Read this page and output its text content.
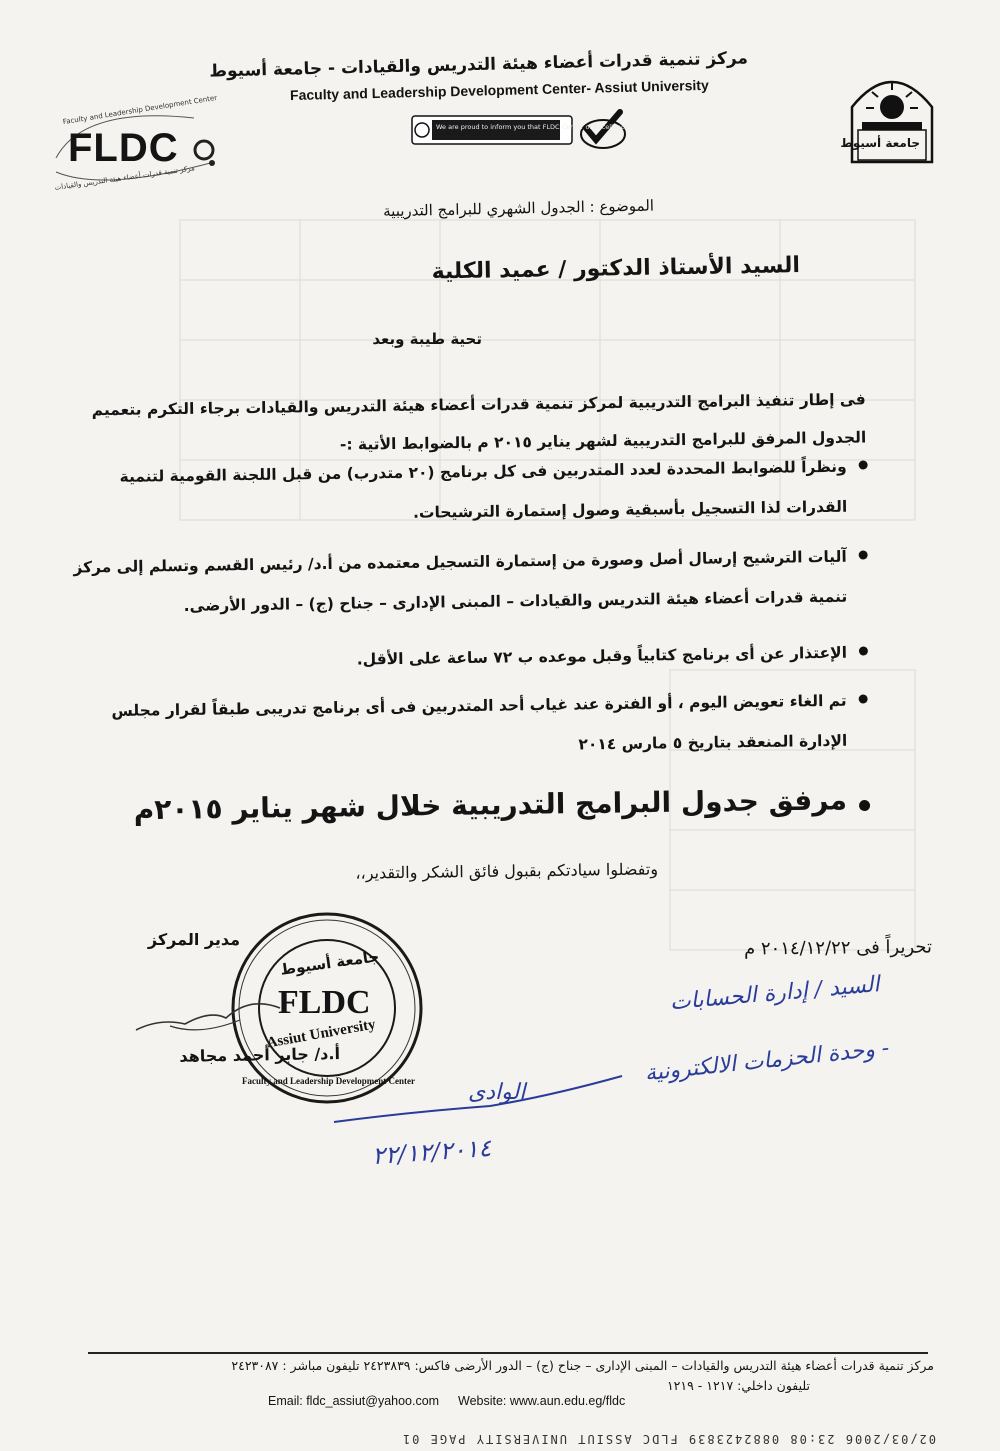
Faculty and Leadership Development Center
FLDC
مركز تنمية قدرات أعضاء هيئة التدريس والقيادات
مركز تنمية قدرات أعضاء هيئة التدريس والقيادات - جامعة أسيوط
Faculty and Leadership Development Center- Assiut University
We are proud to inform you that FLDC Center of Excellence
جامعة أسيوط
الموضوع : الجدول الشهري للبرامج التدريبية
السيد الأستاذ الدكتور / عميد الكلية
تحية طيبة وبعد
فى إطار تنفيذ البرامج التدريبية لمركز تنمية قدرات أعضاء هيئة التدريس والقيادات برجاء التكرم بتعميم الجدول المرفق للبرامج التدريبية لشهر يناير ٢٠١٥ م بالضوابط الأتية :-
ونظراً للضوابط المحددة لعدد المتدربين فى كل برنامج (٢٠ متدرب) من قبل اللجنة القومية لتنمية القدرات لذا التسجيل بأسبقية وصول إستمارة الترشيحات.
آليات الترشيح إرسال أصل وصورة من إستمارة التسجيل معتمده من أ.د/ رئيس القسم وتسلم إلى مركز تنمية قدرات أعضاء هيئة التدريس والقيادات – المبنى الإدارى – جناح (ج) – الدور الأرضى.
الإعتذار عن أى برنامج كتابياً وقبل موعده ب ٧٢ ساعة على الأقل.
تم الغاء تعويض اليوم ، أو الفترة عند غياب أحد المتدربين فى أى برنامج تدريبى طبقاً لقرار مجلس الإدارة المنعقد بتاريخ ٥ مارس ٢٠١٤
مرفق جدول البرامج التدريبية خلال شهر يناير ٢٠١٥م
وتفضلوا سيادتكم بقبول فائق الشكر والتقدير،،
تحريراً فى ٢٠١٤/١٢/٢٢ م
مدير المركز
جامعة أسيوط
FLDC
Assiut University
Faculty and Leadership Development Center
أ.د/ جابر أحمد مجاهد
السيد / إدارة الحسابات
- وحدة الحزمات الالكترونية
الوادى
٢٢/١٢/٢٠١٤
مركز تنمية قدرات أعضاء هيئة التدريس والقيادات – المبنى الإدارى – جناح (ج) – الدور الأرضى فاكس: ٢٤٢٣٨٣٩ تليفون مباشر : ٢٤٢٣٠٨٧
تليفون داخلي: ١٢١٧ - ١٢١٩
Email: fldc_assiut@yahoo.com Website: www.aun.edu.eg/fldc
02/03/2006 23:08 0882423839 FLDC ASSIUT UNIVERSITY PAGE 01
